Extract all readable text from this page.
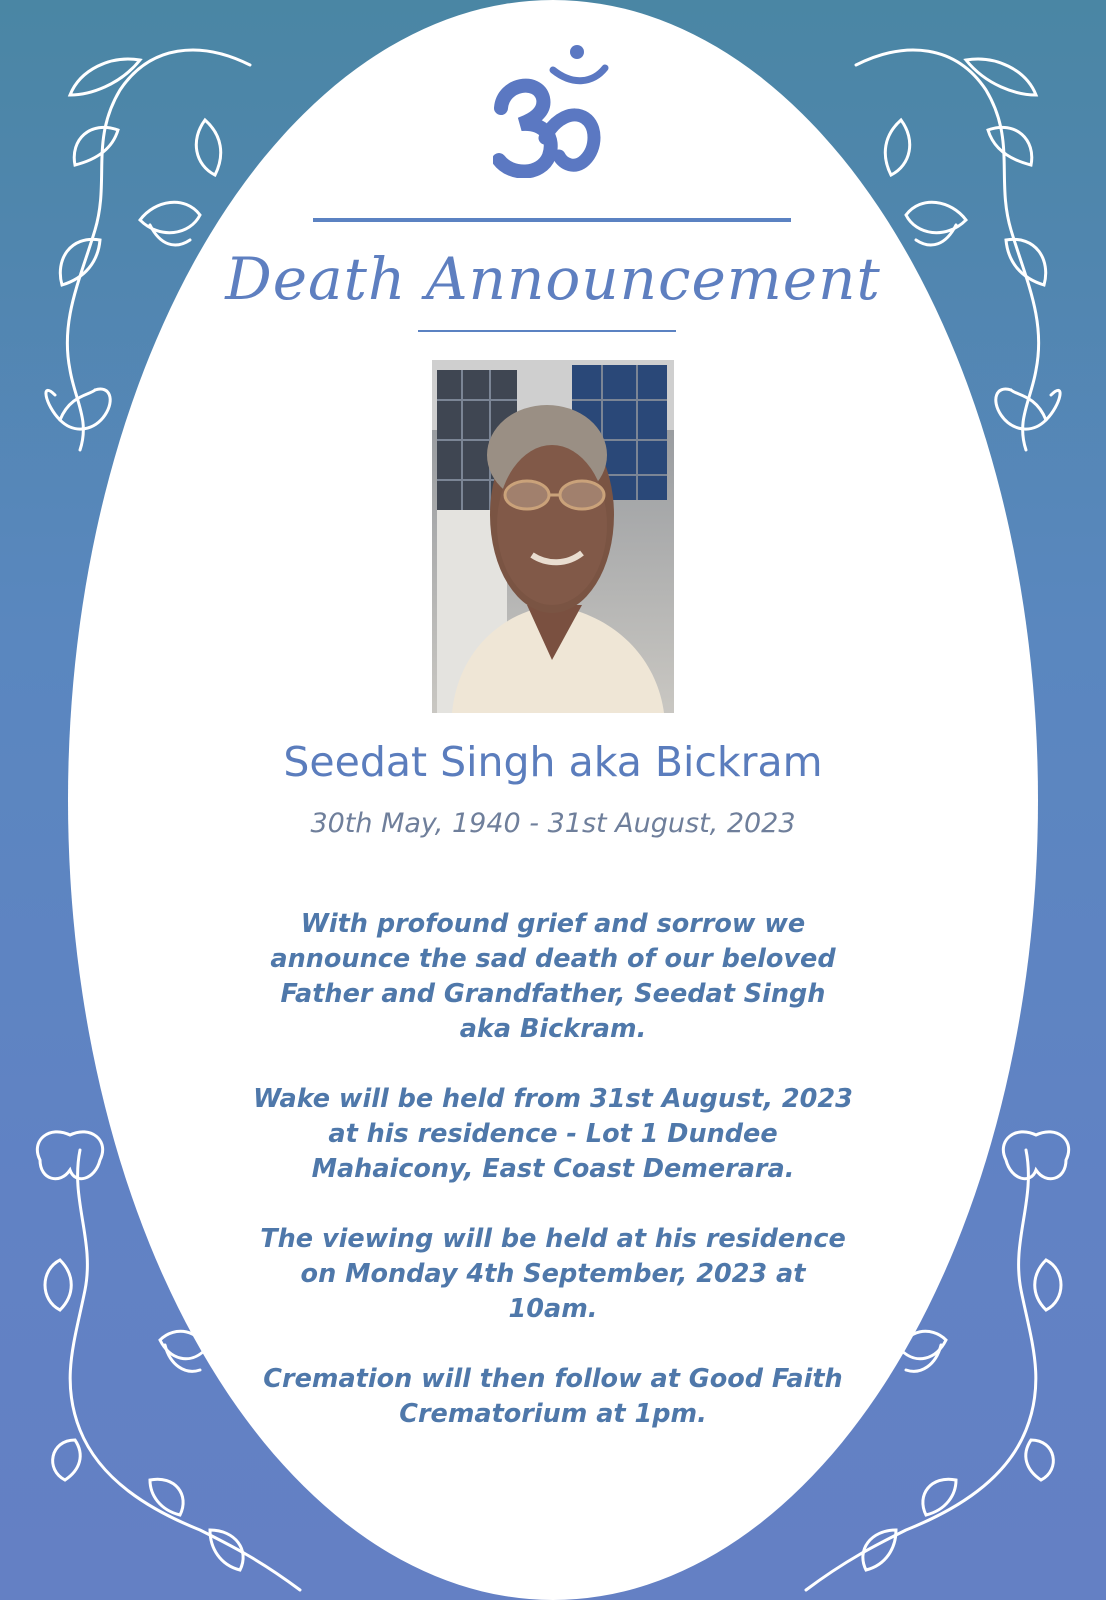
Death Announcement
Seedat Singh aka Bickram
30th May, 1940 - 31st August, 2023

With profound grief and sorrow we announce the sad death of our beloved Father and Grandfather, Seedat Singh aka Bickram.

Wake will be held from 31st August, 2023 at his residence - Lot 1 Dundee Mahaicony, East Coast Demerara.

The viewing will be held at his residence on Monday 4th September, 2023 at 10am.

Cremation will then follow at Good Faith Crematorium at 1pm.
